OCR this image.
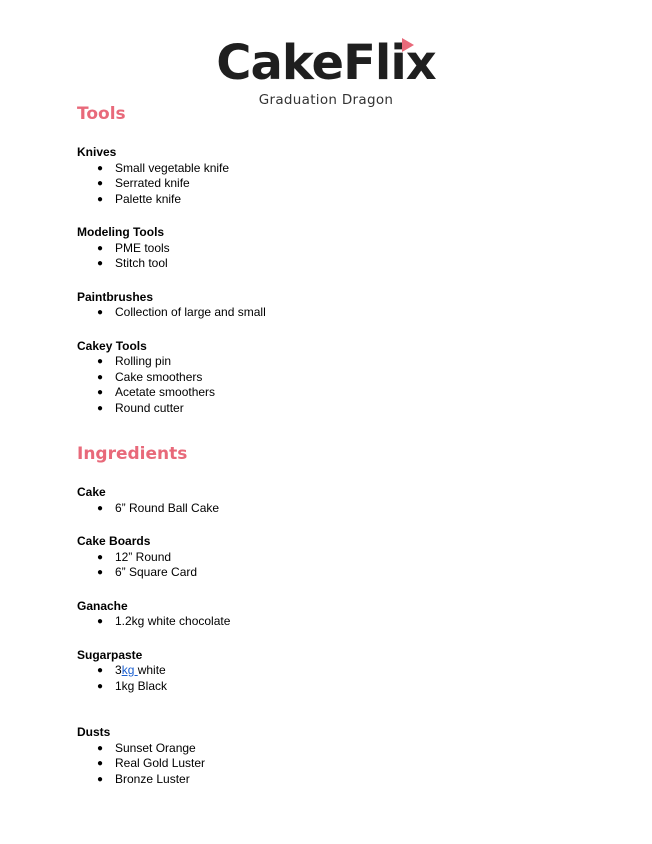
CakeFlix
Graduation Dragon
Tools
Knives
● Small vegetable knife
● Serrated knife
● Palette knife
Modeling Tools
● PME tools
● Stitch tool
Paintbrushes
● Collection of large and small
Cakey Tools
● Rolling pin
● Cake smoothers
● Acetate smoothers
● Round cutter
Ingredients
Cake
● 6” Round Ball Cake
Cake Boards
● 12” Round
● 6” Square Card
Ganache
● 1.2kg white chocolate
Sugarpaste
● 3kg white
● 1kg Black
Dusts
● Sunset Orange
● Real Gold Luster
● Bronze Luster
